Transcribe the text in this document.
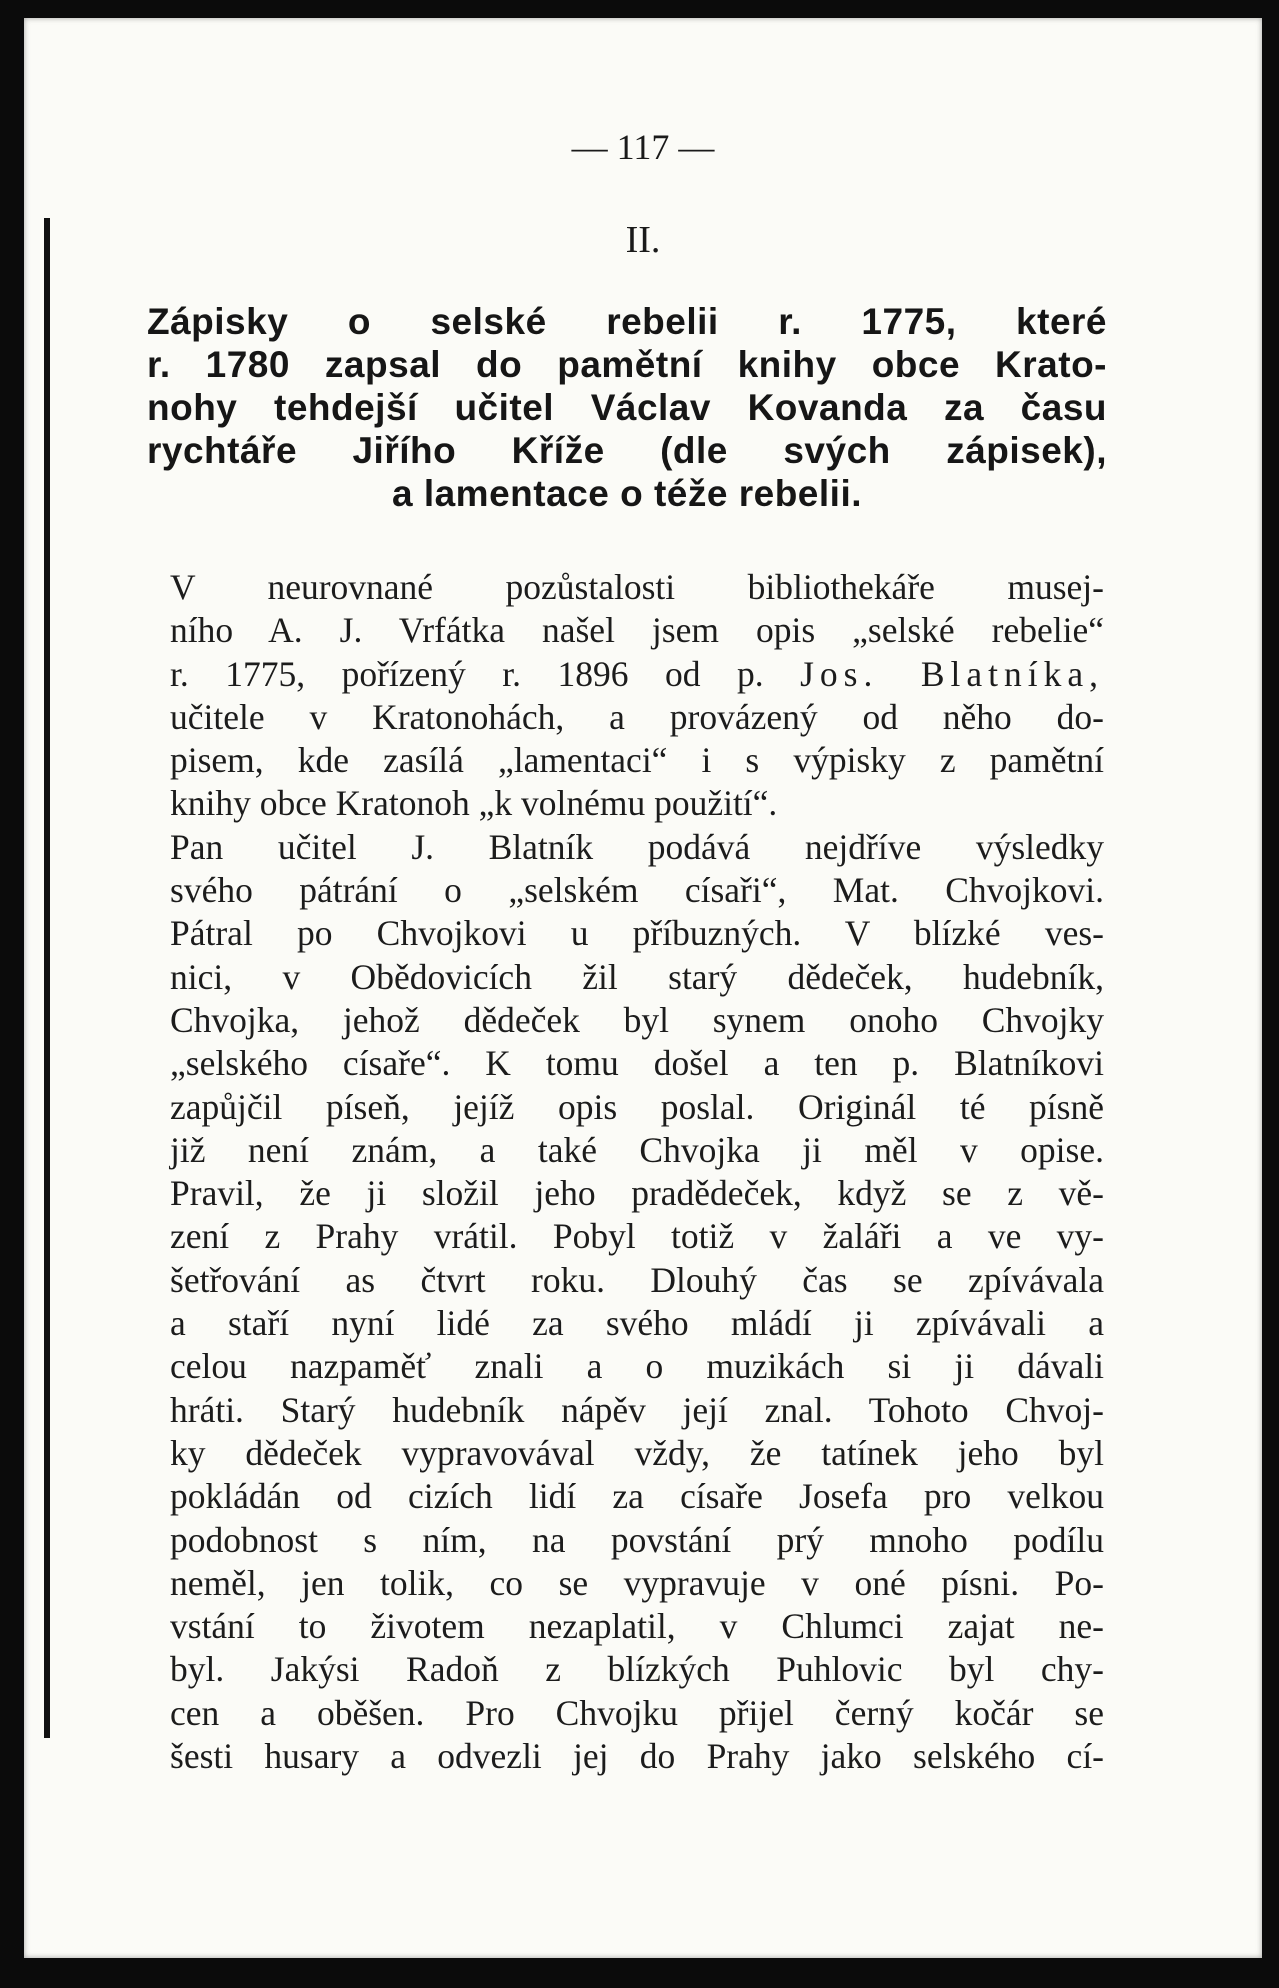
— 117 —
II.
Zápisky o selské rebelii r. 1775, které
r. 1780 zapsal do pamětní knihy obce Krato-
nohy tehdejší učitel Václav Kovanda za času
rychtáře Jiřího Kříže (dle svých zápisek),
a lamentace o téže rebelii.
V neurovnané pozůstalosti bibliothekáře musej-
ního A. J. Vrfátka našel jsem opis „selské rebelie“
r. 1775, pořízený r. 1896 od p. Jos. Blatníka,
učitele v Kratonohách, a provázený od něho do-
pisem, kde zasílá „lamentaci“ i s výpisky z pamětní
knihy obce Kratonoh „k volnému použití“.
Pan učitel J. Blatník podává nejdříve výsledky
svého pátrání o „selském císaři“, Mat. Chvojkovi.
Pátral po Chvojkovi u příbuzných. V blízké ves-
nici, v Obědovicích žil starý dědeček, hudebník,
Chvojka, jehož dědeček byl synem onoho Chvojky
„selského císaře“. K tomu došel a ten p. Blatníkovi
zapůjčil píseň, jejíž opis poslal. Originál té písně
již není znám, a také Chvojka ji měl v opise.
Pravil, že ji složil jeho pradědeček, když se z vě-
zení z Prahy vrátil. Pobyl totiž v žaláři a ve vy-
šetřování as čtvrt roku. Dlouhý čas se zpívávala
a staří nyní lidé za svého mládí ji zpívávali a
celou nazpaměť znali a o muzikách si ji dávali
hráti. Starý hudebník nápěv její znal. Tohoto Chvoj-
ky dědeček vypravovával vždy, že tatínek jeho byl
pokládán od cizích lidí za císaře Josefa pro velkou
podobnost s ním, na povstání prý mnoho podílu
neměl, jen tolik, co se vypravuje v oné písni. Po-
vstání to životem nezaplatil, v Chlumci zajat ne-
byl. Jakýsi Radoň z blízkých Puhlovic byl chy-
cen a oběšen. Pro Chvojku přijel černý kočár se
šesti husary a odvezli jej do Prahy jako selského cí-
